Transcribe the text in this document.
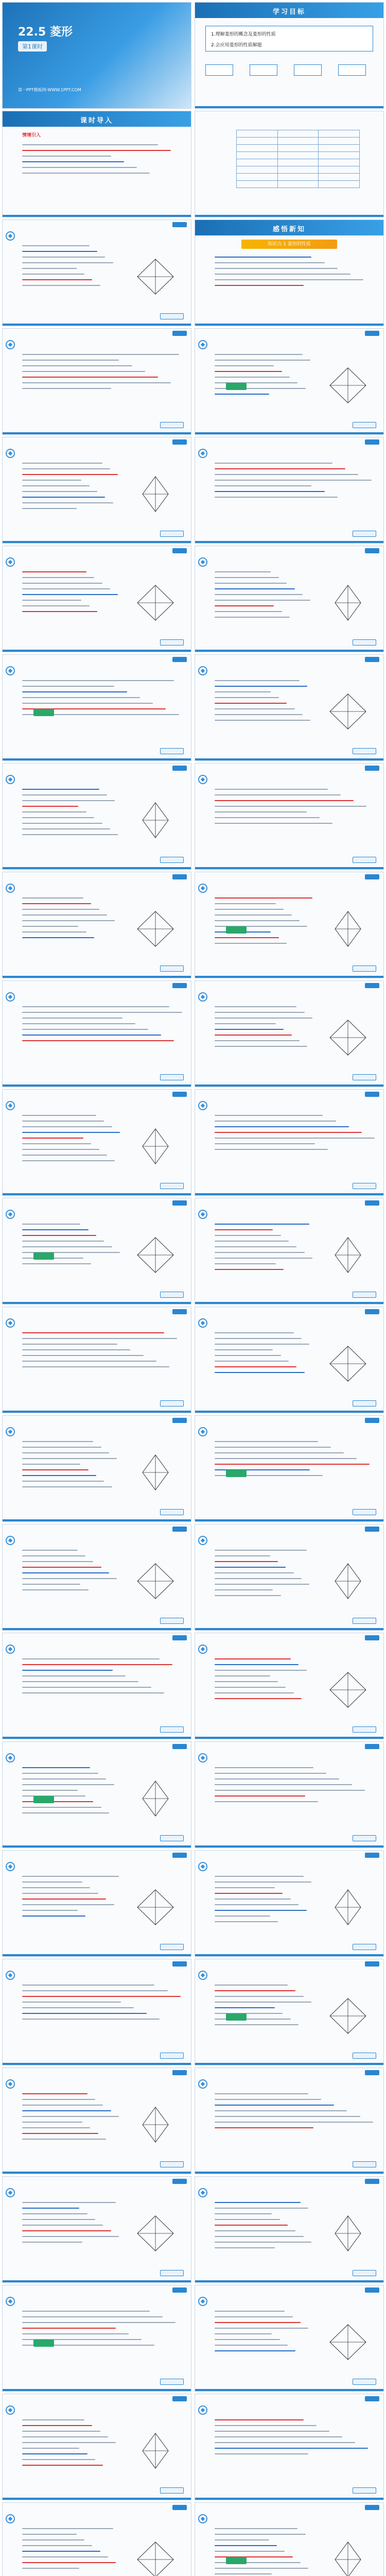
22.5 菱形
第1课时
第一PPT模板网-WWW.1PPT.COM
学习目标
1.理解菱形的概念及菱形的性质
2.会应用菱形的性质解题
课时导入
情境引入

感悟新知
知识点 1 菱形的性质
